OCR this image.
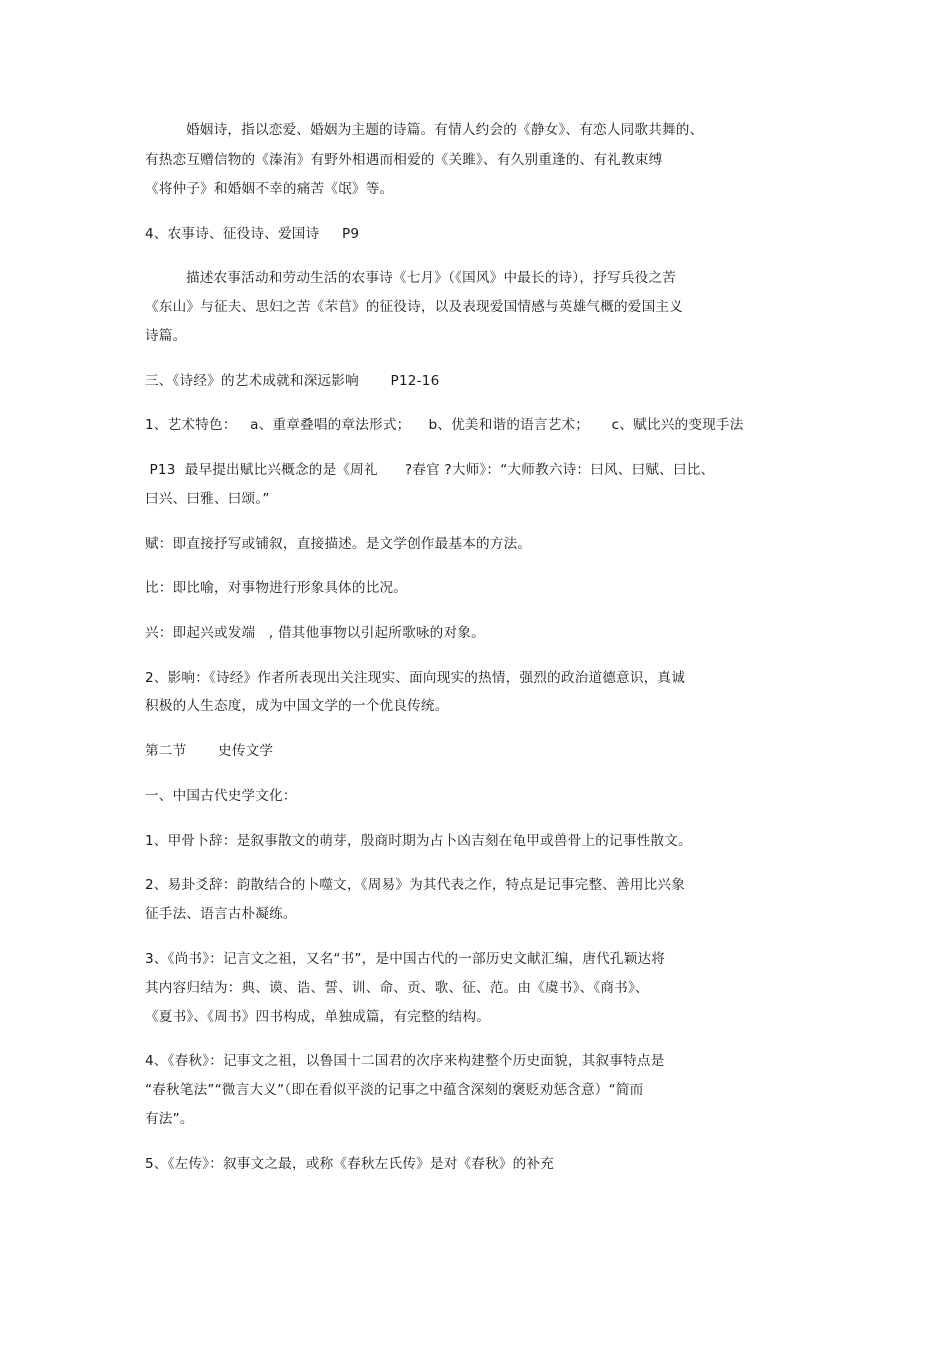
婚姻诗，指以恋爱、婚姻为主题的诗篇。有情人约会的《静女》、有恋人同歌共舞的、
有热恋互赠信物的《溱洧》有野外相遇而相爱的《关雎》、有久别重逢的、有礼教束缚
《将仲子》和婚姻不幸的痛苦《氓》等。
4、农事诗、征役诗、爱国诗     P9
描述农事活动和劳动生活的农事诗《七月》（《国风》中最长的诗），抒写兵役之苦
《东山》与征夫、思妇之苦《芣苢》的征役诗，以及表现爱国情感与英雄气概的爱国主义
诗篇。
三、《诗经》的艺术成就和深远影响       P12-16
1、艺术特色：   a、重章叠唱的章法形式；    b、优美和谐的语言艺术；     c、赋比兴的变现手法
P13  最早提出赋比兴概念的是《周礼      ?春官 ?大师》：“大师教六诗：曰风、曰赋、曰比、
曰兴、曰雅、曰颂。”
赋：即直接抒写或铺叙，直接描述。是文学创作最基本的方法。
比：即比喻，对事物进行形象具体的比况。
兴：即起兴或发端   , 借其他事物以引起所歌咏的对象。
2、影响：《诗经》作者所表现出关注现实、面向现实的热情，强烈的政治道德意识，真诚
积极的人生态度，成为中国文学的一个优良传统。
第二节       史传文学
一、中国古代史学文化：
1、甲骨卜辞：是叙事散文的萌芽，殷商时期为占卜凶吉刻在龟甲或兽骨上的记事性散文。
2、易卦爻辞：韵散结合的卜噬文，《周易》为其代表之作，特点是记事完整、善用比兴象
征手法、语言古朴凝练。
3、《尚书》：记言文之祖，又名“书”，是中国古代的一部历史文献汇编，唐代孔颖达将
其内容归结为：典、谟、诰、誓、训、命、贡、歌、征、范。由《虞书》、《商书》、
《夏书》、《周书》四书构成，单独成篇，有完整的结构。
4、《春秋》：记事文之祖，以鲁国十二国君的次序来构建整个历史面貌，其叙事特点是
“春秋笔法”“微言大义”（即在看似平淡的记事之中蕴含深刻的褒贬劝惩含意）“简而
有法”。
5、《左传》：叙事文之最，或称《春秋左氏传》是对《春秋》的补充
